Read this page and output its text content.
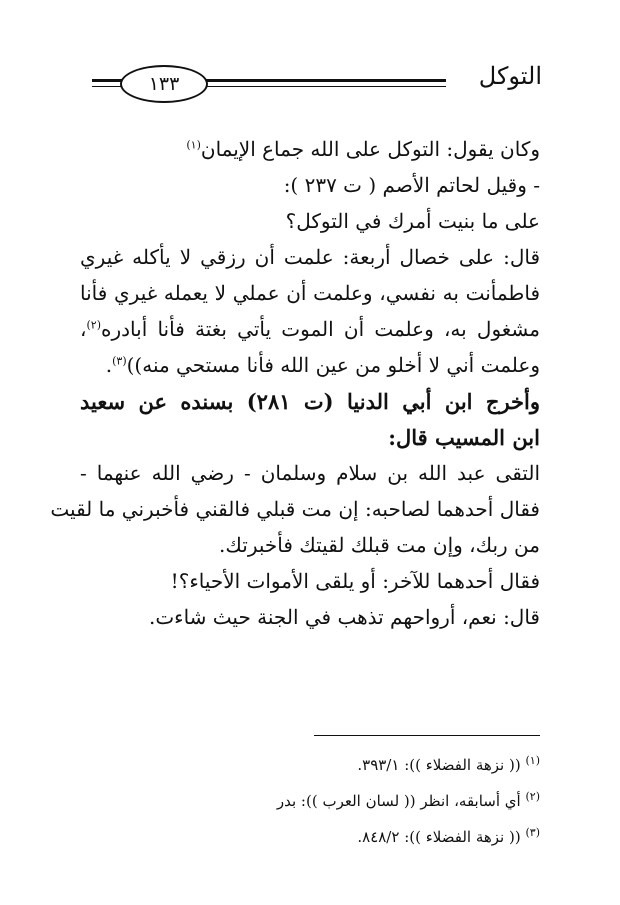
١٣٣	التوكل
وكان يقول: التوكل على الله جماع الإيمان$^{(١)}$
- وقيل لحاتم الأصم ( ت ٢٣٧ ):
على ما بنيت أمرك في التوكل؟
قال: على خصال أربعة: علمت أن رزقي لا يأكله غيري
فاطمأنت به نفسي، وعلمت أن عملي لا يعمله غيري فأنا
مشغول به، وعلمت أن الموت يأتي بغتة فأنا أبادره$^{(٢)}$،
وعلمت أني لا أخلو من عين الله فأنا مستحي منه))$^{(٣)}$.
وأخرج ابن أبي الدنيا (ت ٢٨١) بسنده عن سعيد
ابن المسيب قال:
التقى عبد الله بن سلام وسلمان - رضي الله عنهما -
فقال أحدهما لصاحبه: إن مت قبلي فالقني فأخبرني ما لقيت
من ربك، وإن مت قبلك لقيتك فأخبرتك.
فقال أحدهما للآخر: أو يلقى الأموات الأحياء؟!
قال: نعم، أرواحهم تذهب في الجنة حيث شاءت.
$^{(١)}$ (( نزهة الفضلاء )): ٣٩٣/١.
$^{(٢)}$ أي أسابقه، انظر (( لسان العرب )): بدر
$^{(٣)}$ (( نزهة الفضلاء )): ٨٤٨/٢.
